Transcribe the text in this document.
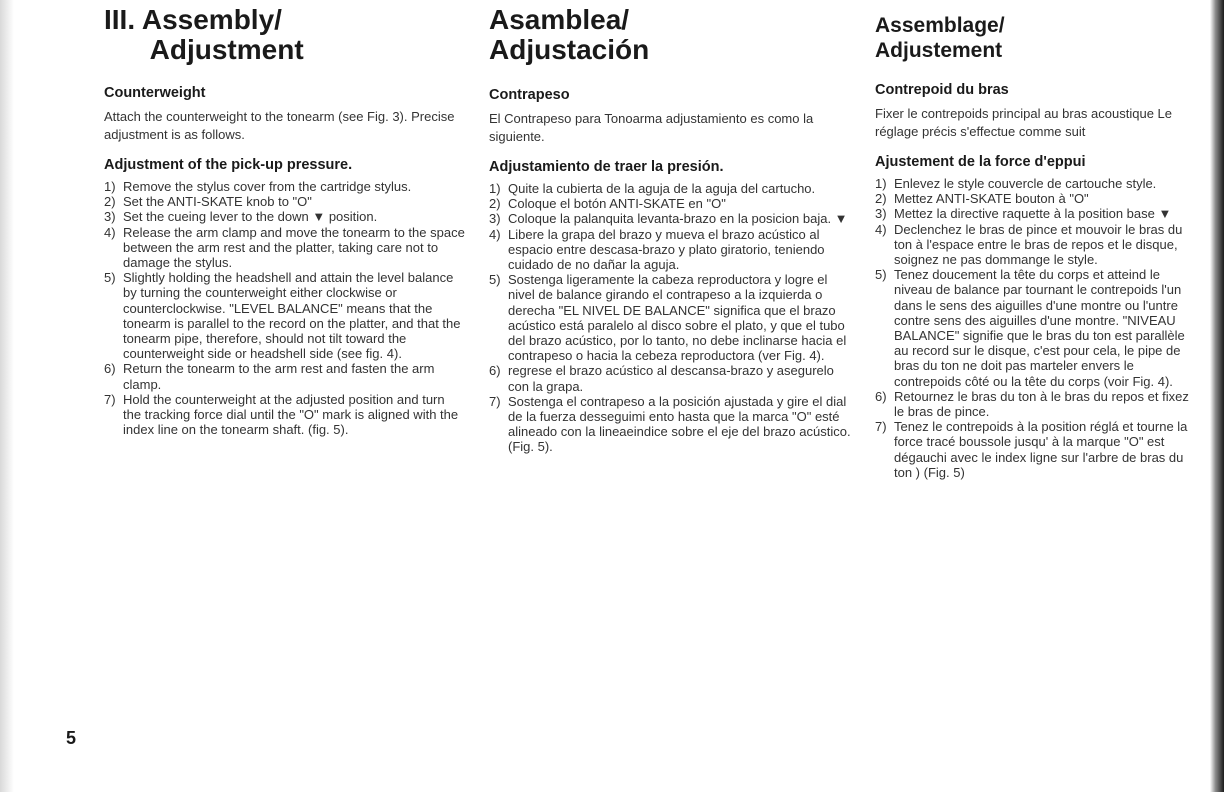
III. Assembly/
Adjustment
Counterweight

Attach the counterweight to the tonearm (see Fig. 3). Precise adjustment is as follows.

Adjustment of the pick-up pressure.
1) Remove the stylus cover from the cartridge stylus.
2) Set the ANTI-SKATE knob to "O"
3) Set the cueing lever to the down ▼ position.
4) Release the arm clamp and move the tonearm to the space between the arm rest and the platter, taking care not to damage the stylus.
5) Slightly holding the headshell and attain the level balance by turning the counterweight either clockwise or counterclockwise. "LEVEL BALANCE" means that the tonearm is parallel to the record on the platter, and that the tonearm pipe, therefore, should not tilt toward the counterweight side or headshell side (see fig. 4).
6) Return the tonearm to the arm rest and fasten the arm clamp.
7) Hold the counterweight at the adjusted position and turn the tracking force dial until the "O" mark is aligned with the index line on the tonearm shaft. (fig. 5).
Asamblea/
Adjustación
Contrapeso

El Contrapeso para Tonoarma adjustamiento es como la siguiente.

Adjustamiento de traer la presión.
1) Quite la cubierta de la aguja de la aguja del cartucho.
2) Coloque el botón ANTI-SKATE en "O"
3) Coloque la palanquita levanta-brazo en la posicion baja. ▼
4) Libere la grapa del brazo y mueva el brazo acústico al espacio entre descasa-brazo y plato giratorio, teniendo cuidado de no dañar la aguja.
5) Sostenga ligeramente la cabeza reproductora y logre el nivel de balance girando el contrapeso a la izquierda o derecha "EL NIVEL DE BALANCE" significa que el brazo acústico está paralelo al disco sobre el plato, y que el tubo del brazo acústico, por lo tanto, no debe inclinarse hacia el contrapeso o hacia la cebeza reproductora (ver Fig. 4).
6) regrese el brazo acústico al descansa-brazo y asegurelo con la grapa.
7) Sostenga el contrapeso a la posición ajustada y gire el dial de la fuerza desseguimi ento hasta que la marca "O" esté alineado con la lineaeindice sobre el eje del brazo acústico. (Fig. 5).
Assemblage/
Adjustement
Contrepoid du bras

Fixer le contrepoids principal au bras acoustique Le réglage précis s'effectue comme suit

Ajustement de la force d'eppui
1) Enlevez le style couvercle de cartouche style.
2) Mettez ANTI-SKATE bouton à "O"
3) Mettez la directive raquette à la position base ▼
4) Declenchez le bras de pince et mouvoir le bras du ton à l'espace entre le bras de repos et le disque, soignez ne pas dommange le style.
5) Tenez doucement la tête du corps et atteind le niveau de balance par tournant le contrepoids l'un dans le sens des aiguilles d'une montre ou l'untre contre sens des aiguilles d'une montre. "NIVEAU BALANCE" signifie que le bras du ton est parallèle au record sur le disque, c'est pour cela, le pipe de bras du ton ne doit pas marteler envers le contrepoids côté ou la tête du corps (voir Fig. 4).
6) Retournez le bras du ton à le bras du repos et fixez le bras de pince.
7) Tenez le contrepoids à la position réglá et tourne la force tracé boussole jusqu' à la marque "O" est dégauchi avec le index ligne sur l'arbre de bras du ton ) (Fig. 5)
5
